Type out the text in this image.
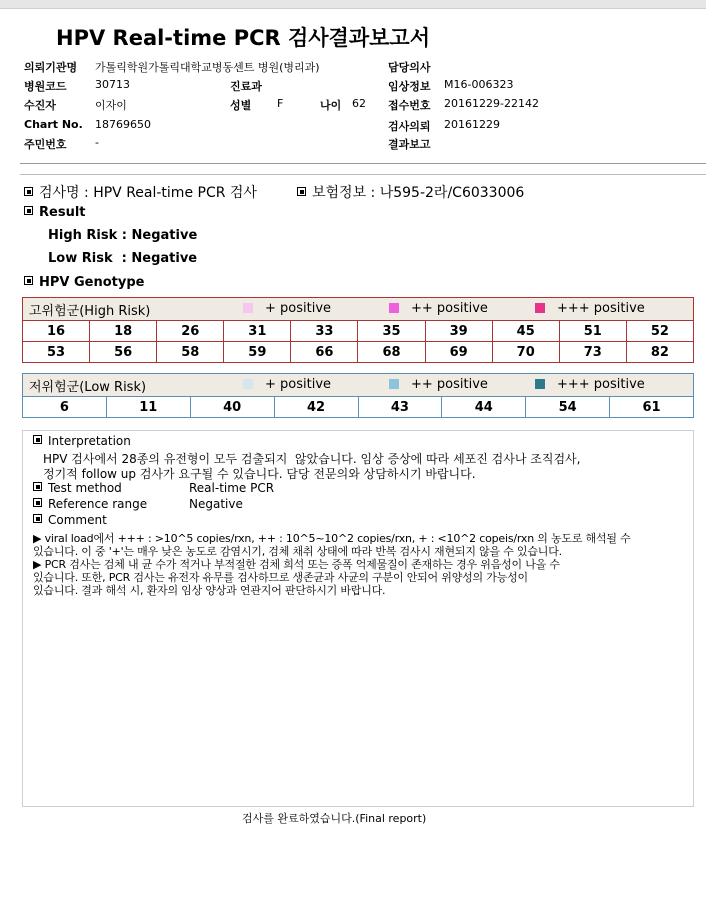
HPV Real-time PCR 검사결과보고서
의뢰기관명 가톨릭학원가톨릭대학교병동센트 병원(병리과)	담당의사
병원코드	30713	진료과	임상정보 M16-006323
수진자	이자이	성별 F	나이 62 접수번호 20161229-22142
Chart No. 18769650	검사의뢰 20161229
주민번호	-	결과보고
검사명 : HPV Real-time PCR 검사	보험정보 : 나595-2라/C6033006
Result
High Risk : Negative
Low Risk  : Negative
HPV Genotype
고위험군(High Risk)	+ positive	++ positive	+++ positive
16	18	26	31	33	35	39	45	51	52
53	56	58	59	66	68	69	70	73	82
저위험군(Low Risk)	+ positive	++ positive	+++ positive
6	11	40	42	43	44	54	61
Interpretation
HPV 검사에서 28종의 유전형이 모두 검출되지  않았습니다. 임상 증상에 따라 세포진 검사나 조직검사,
정기적 follow up 검사가 요구될 수 있습니다. 담당 전문의와 상담하시기 바랍니다.
Test method	Real-time PCR
Reference range	Negative
Comment
▶ viral load에서 +++ : >10^5 copies/rxn, ++ : 10^5~10^2 copies/rxn, + : <10^2 copeis/rxn 의 농도로 해석될 수
있습니다. 이 중 '+'는 매우 낮은 농도로 감염시기, 검체 채취 상태에 따라 반복 검사시 재현되지 않을 수 있습니다.
▶ PCR 검사는 검체 내 균 수가 적거나 부적절한 검체 희석 또는 증폭 억제물질이 존재하는 경우 위음성이 나올 수
있습니다. 또한, PCR 검사는 유전자 유무를 검사하므로 생존균과 사균의 구분이 안되어 위양성의 가능성이
있습니다. 결과 해석 시, 환자의 임상 양상과 연관지어 판단하시기 바랍니다.
검사를 완료하였습니다.(Final report)
